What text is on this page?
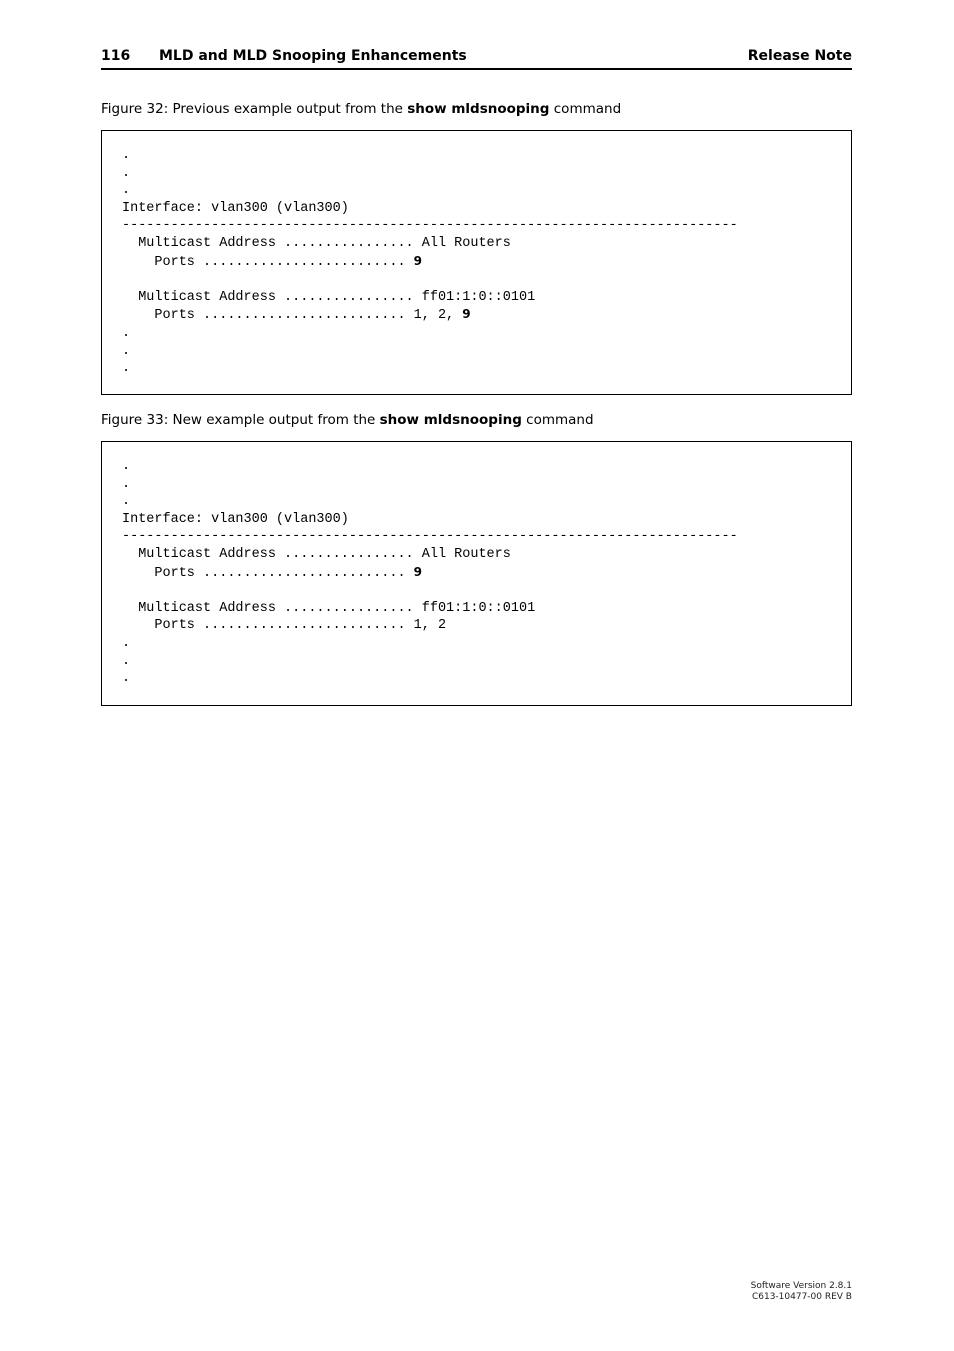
116 MLD and MLD Snooping Enhancements	Release Note
Figure 32: Previous example output from the show mldsnooping command
.
.
.
Interface: vlan300 (vlan300)
----------------------------------------------------------------------------
Multicast Address ................ All Routers
Ports ......................... 9

Multicast Address ................ ff01:1:0::0101
Ports ......................... 1, 2, 9
.
.
.
Figure 33: New example output from the show mldsnooping command
.
.
.
Interface: vlan300 (vlan300)
----------------------------------------------------------------------------
Multicast Address ................ All Routers
Ports ......................... 9

Multicast Address ................ ff01:1:0::0101
Ports ......................... 1, 2
.
.
.
Software Version 2.8.1
C613-10477-00 REV B
